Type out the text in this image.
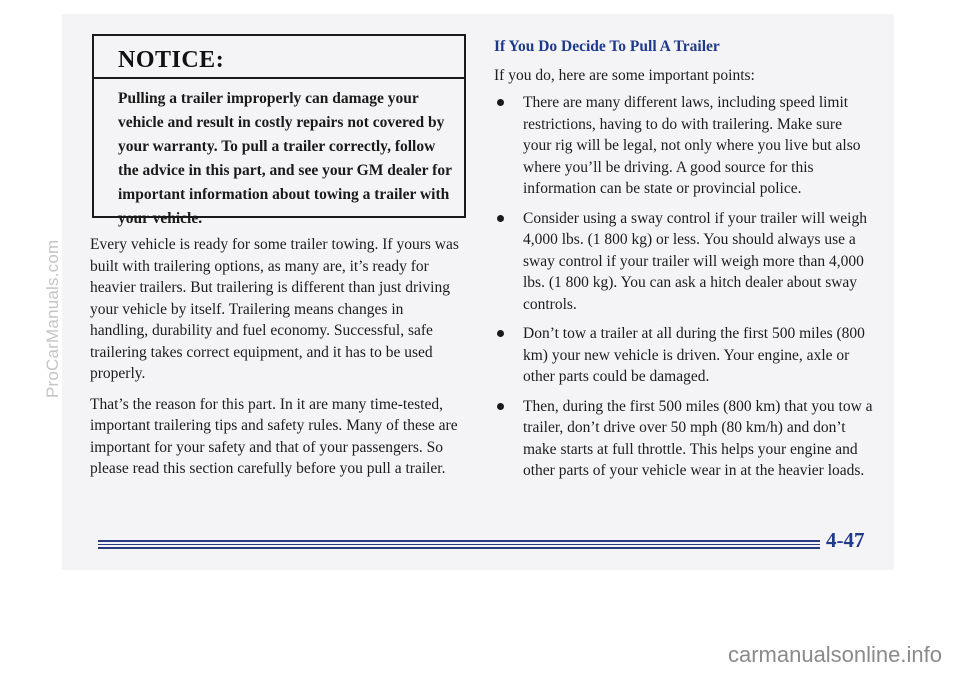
NOTICE:
Pulling a trailer improperly can damage your vehicle and result in costly repairs not covered by your warranty. To pull a trailer correctly, follow the advice in this part, and see your GM dealer for important information about towing a trailer with your vehicle.

Every vehicle is ready for some trailer towing. If yours was built with trailering options, as many are, it’s ready for heavier trailers. But trailering is different than just driving your vehicle by itself. Trailering means changes in handling, durability and fuel economy. Successful, safe trailering takes correct equipment, and it has to be used properly.

That’s the reason for this part. In it are many time-tested, important trailering tips and safety rules. Many of these are important for your safety and that of your passengers. So please read this section carefully before you pull a trailer.

If You Do Decide To Pull A Trailer

If you do, here are some important points:

There are many different laws, including speed limit restrictions, having to do with trailering. Make sure your rig will be legal, not only where you live but also where you’ll be driving. A good source for this information can be state or provincial police.
Consider using a sway control if your trailer will weigh 4,000 lbs. (1 800 kg) or less. You should always use a sway control if your trailer will weigh more than 4,000 lbs. (1 800 kg). You can ask a hitch dealer about sway controls.
Don’t tow a trailer at all during the first 500 miles (800 km) your new vehicle is driven. Your engine, axle or other parts could be damaged.
Then, during the first 500 miles (800 km) that you tow a trailer, don’t drive over 50 mph (80 km/h) and don’t make starts at full throttle. This helps your engine and other parts of your vehicle wear in at the heavier loads.
4-47
ProCarManuals.com
carmanualsonline.info
